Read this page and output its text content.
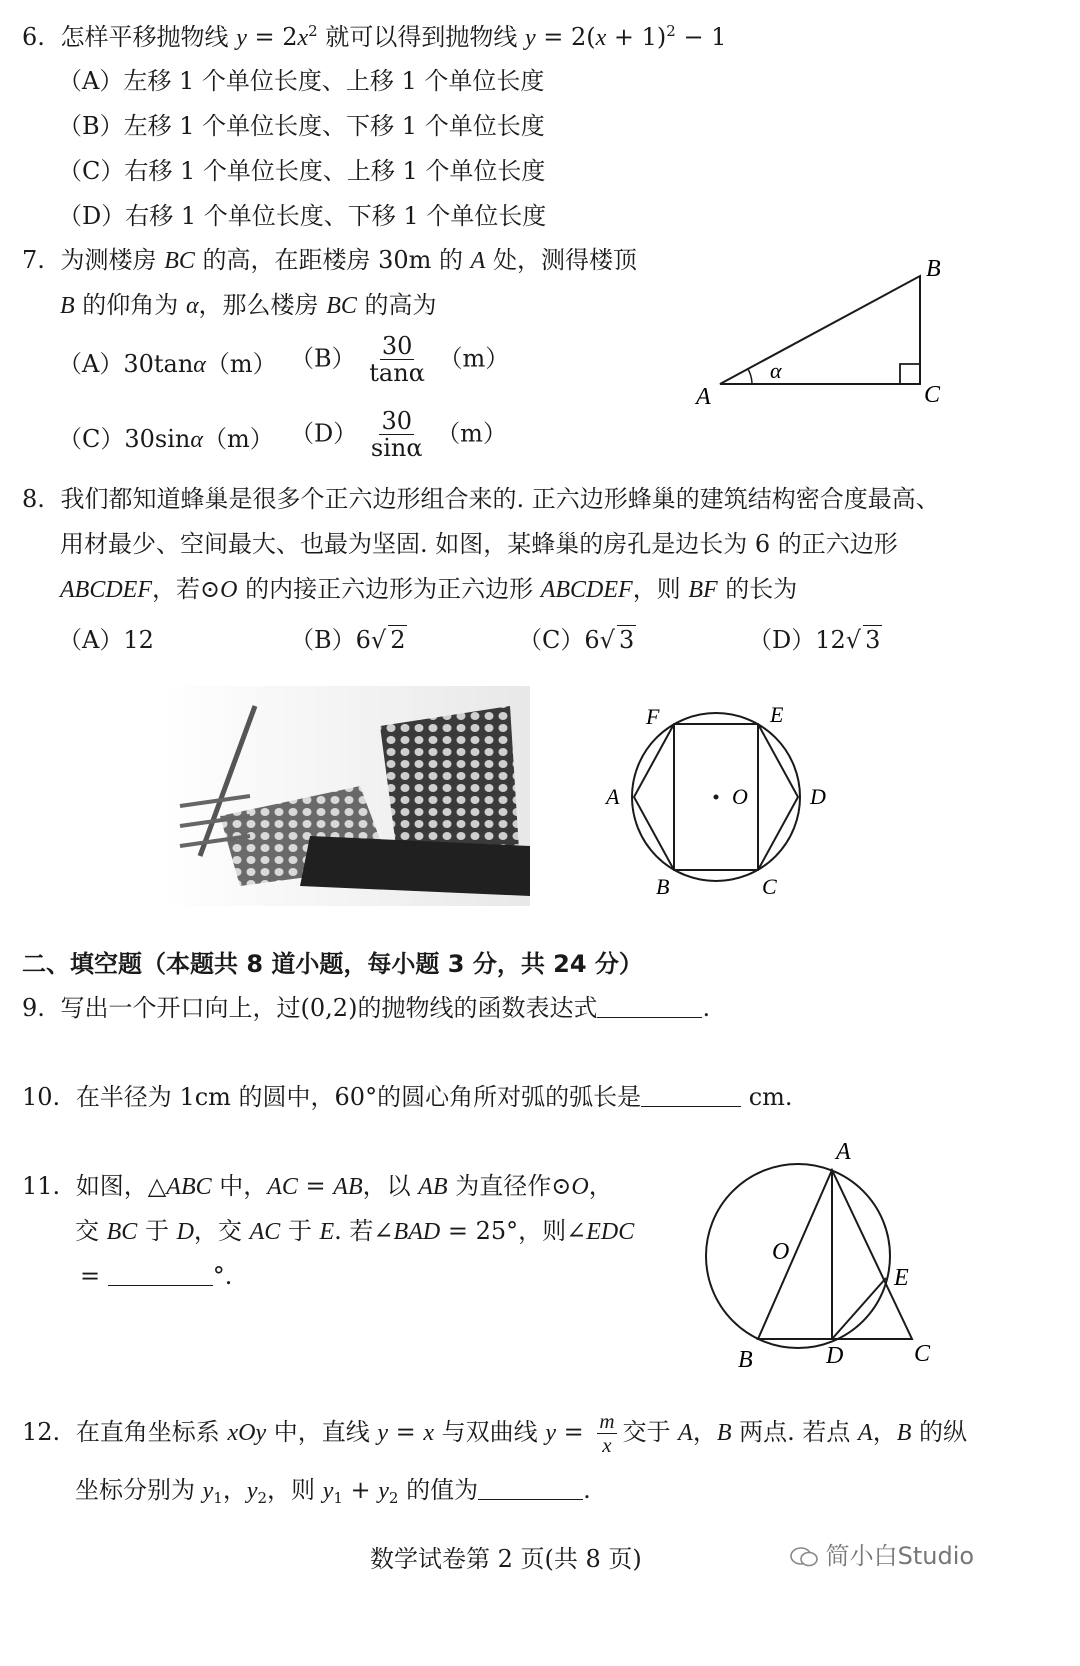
6. 怎样平移抛物线 $y = 2x^2$ 就可以得到抛物线 $y = 2(x + 1)^2 - 1$
（A）左移 1 个单位长度、上移 1 个单位长度
（B）左移 1 个单位长度、下移 1 个单位长度
（C）右移 1 个单位长度、上移 1 个单位长度
（D）右移 1 个单位长度、下移 1 个单位长度
7. 为测楼房 BC 的高，在距楼房 30m 的 A 处，测得楼顶
B 的仰角为 α，那么楼房 BC 的高为
（A）30tanα（m） $(B) \frac{30}{\tan\alpha} (m)$
（C）30sinα（m） $(D) \frac{30}{\sin\alpha} (m)$
A
B
C
α
8. 我们都知道蜂巢是很多个正六边形组合来的. 正六边形蜂巢的建筑结构密合度最高、
用材最少、空间最大、也最为坚固. 如图，某蜂巢的房孔是边长为 6 的正六边形
ABCDEF，若⊙O 的内接正六边形为正六边形 ABCDEF，则 BF 的长为
（A）12	（B）6√ 2	（C）6√ 3	（D）12√ 3
F	E
A	D
O
B	C
二、填空题（本题共 8 道小题，每小题 3 分，共 24 分）
9. 写出一个开口向上，过(0,2)的抛物线的函数表达式	.
10. 在半径为 1cm 的圆中，60°的圆心角所对弧的弧长是	cm.
11. 如图，△ABC 中，AC = AB，以 AB 为直径作⊙O，
交 BC 于 D，交 AC 于 E. 若∠BAD = 25°，则∠EDC
=	°.
A
O
E
B	D	C
12. 在直角坐标系 xOy 中，直线 y = x 与双曲线 $y = \frac{m}{x}$ 交于 A，B 两点. 若点 A，B 的纵
坐标分别为 $y_1$，$y_2$，则 $y_1 + y_2$ 的值为	.
数学试卷第 2 页(共 8 页)	简小白Studio
